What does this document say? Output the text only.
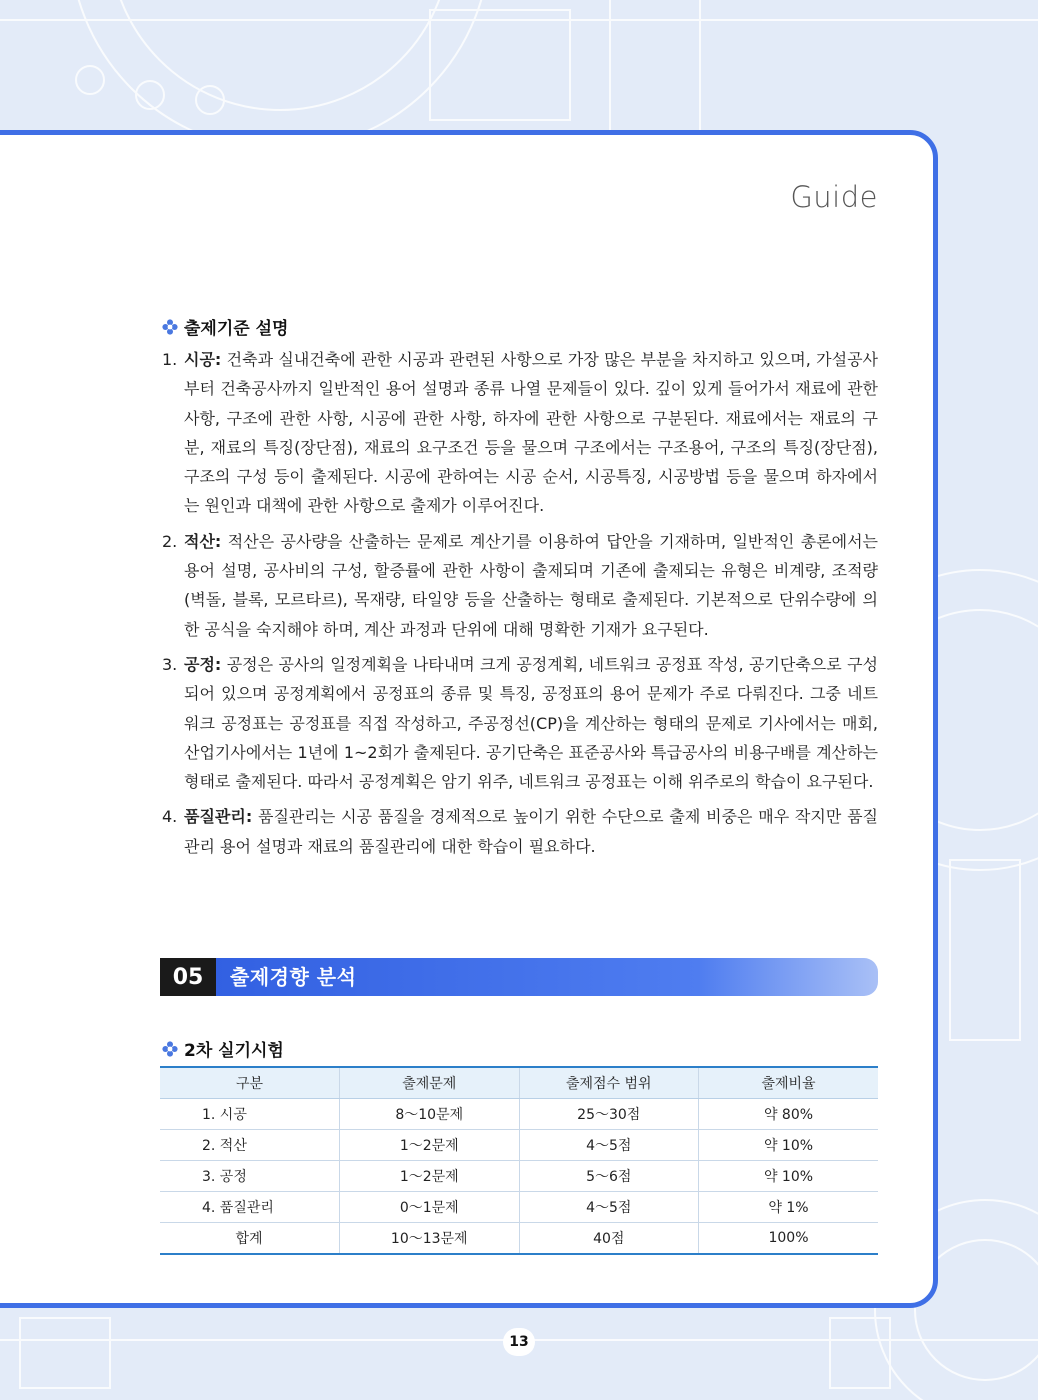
Guide
출제기준 설명
1. 시공: 건축과 실내건축에 관한 시공과 관련된 사항으로 가장 많은 부분을 차지하고 있으며, 가설공사부터 건축공사까지 일반적인 용어 설명과 종류 나열 문제들이 있다. 깊이 있게 들어가서 재료에 관한 사항, 구조에 관한 사항, 시공에 관한 사항, 하자에 관한 사항으로 구분된다. 재료에서는 재료의 구분, 재료의 특징(장단점), 재료의 요구조건 등을 물으며 구조에서는 구조용어, 구조의 특징(장단점), 구조의 구성 등이 출제된다. 시공에 관하여는 시공 순서, 시공특징, 시공방법 등을 물으며 하자에서는 원인과 대책에 관한 사항으로 출제가 이루어진다.
2. 적산: 적산은 공사량을 산출하는 문제로 계산기를 이용하여 답안을 기재하며, 일반적인 총론에서는 용어 설명, 공사비의 구성, 할증률에 관한 사항이 출제되며 기존에 출제되는 유형은 비계량, 조적량(벽돌, 블록, 모르타르), 목재량, 타일양 등을 산출하는 형태로 출제된다. 기본적으로 단위수량에 의한 공식을 숙지해야 하며, 계산 과정과 단위에 대해 명확한 기재가 요구된다.
3. 공정: 공정은 공사의 일정계획을 나타내며 크게 공정계획, 네트워크 공정표 작성, 공기단축으로 구성되어 있으며 공정계획에서 공정표의 종류 및 특징, 공정표의 용어 문제가 주로 다뤄진다. 그중 네트워크 공정표는 공정표를 직접 작성하고, 주공정선(CP)을 계산하는 형태의 문제로 기사에서는 매회, 산업기사에서는 1년에 1~2회가 출제된다. 공기단축은 표준공사와 특급공사의 비용구배를 계산하는 형태로 출제된다. 따라서 공정계획은 암기 위주, 네트워크 공정표는 이해 위주로의 학습이 요구된다.
4. 품질관리: 품질관리는 시공 품질을 경제적으로 높이기 위한 수단으로 출제 비중은 매우 작지만 품질관리 용어 설명과 재료의 품질관리에 대한 학습이 필요하다.
05	출제경향 분석
2차 실기시험
구분	출제문제	출제점수 범위	출제비율
1. 시공	8～10문제	25～30점	약 80%
2. 적산	1～2문제	4～5점	약 10%
3. 공정	1～2문제	5～6점	약 10%
4. 품질관리	0～1문제	4～5점	약 1%
합계	10～13문제	40점	100%
13
